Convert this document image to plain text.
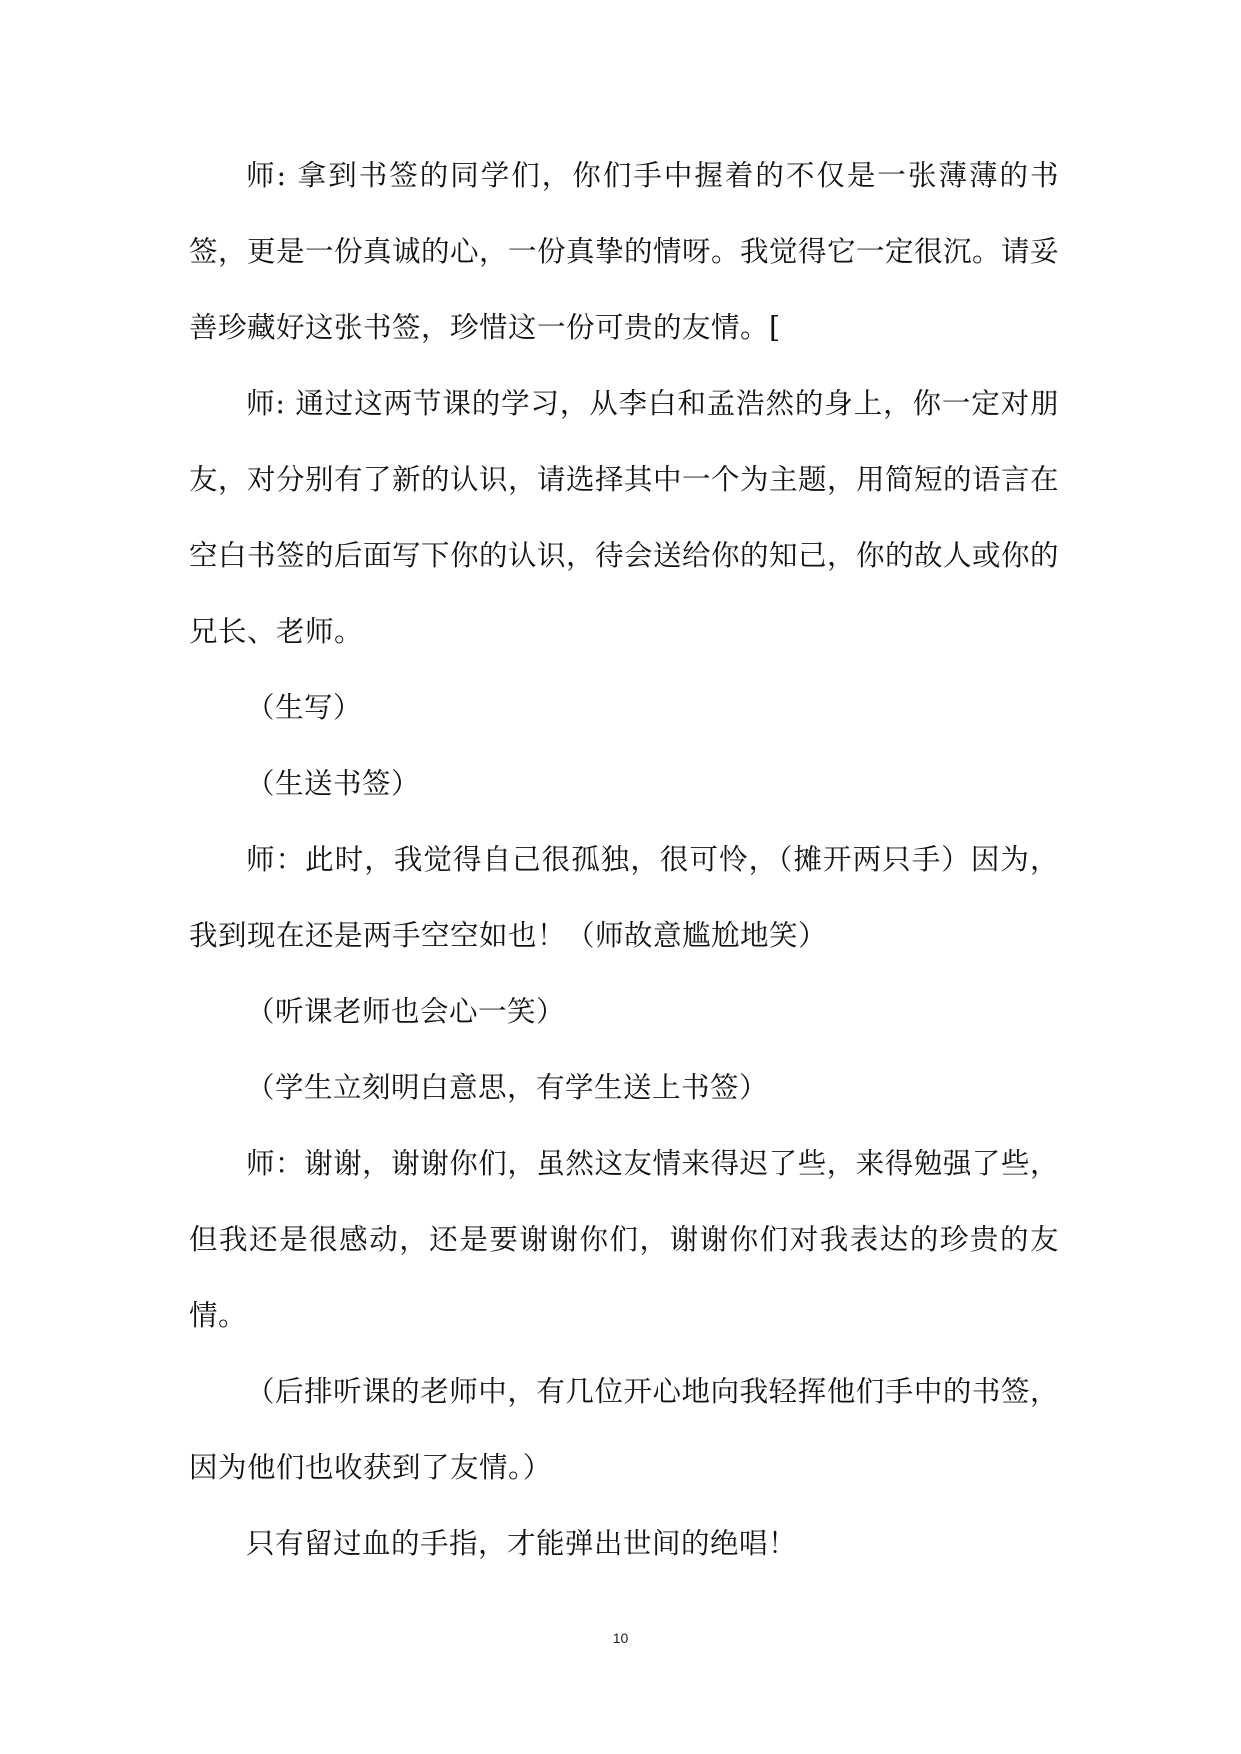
师: 拿到书签的同学们，你们手中握着的不仅是一张薄薄的书签，更是一份真诚的心，一份真挚的情呀。我觉得它一定很沉。请妥善珍藏好这张书签，珍惜这一份可贵的友情。[

师: 通过这两节课的学习，从李白和孟浩然的身上，你一定对朋友，对分别有了新的认识，请选择其中一个为主题，用简短的语言在空白书签的后面写下你的认识，待会送给你的知己，你的故人或你的兄长、老师。

（生写）

（生送书签）

师：此时，我觉得自己很孤独，很可怜，（摊开两只手）因为，我到现在还是两手空空如也！（师故意尴尬地笑）

（听课老师也会心一笑）

（学生立刻明白意思，有学生送上书签）

师：谢谢，谢谢你们，虽然这友情来得迟了些，来得勉强了些，但我还是很感动，还是要谢谢你们，谢谢你们对我表达的珍贵的友情。

（后排听课的老师中，有几位开心地向我轻挥他们手中的书签，因为他们也收获到了友情。）

只有留过血的手指，才能弹出世间的绝唱！

10
